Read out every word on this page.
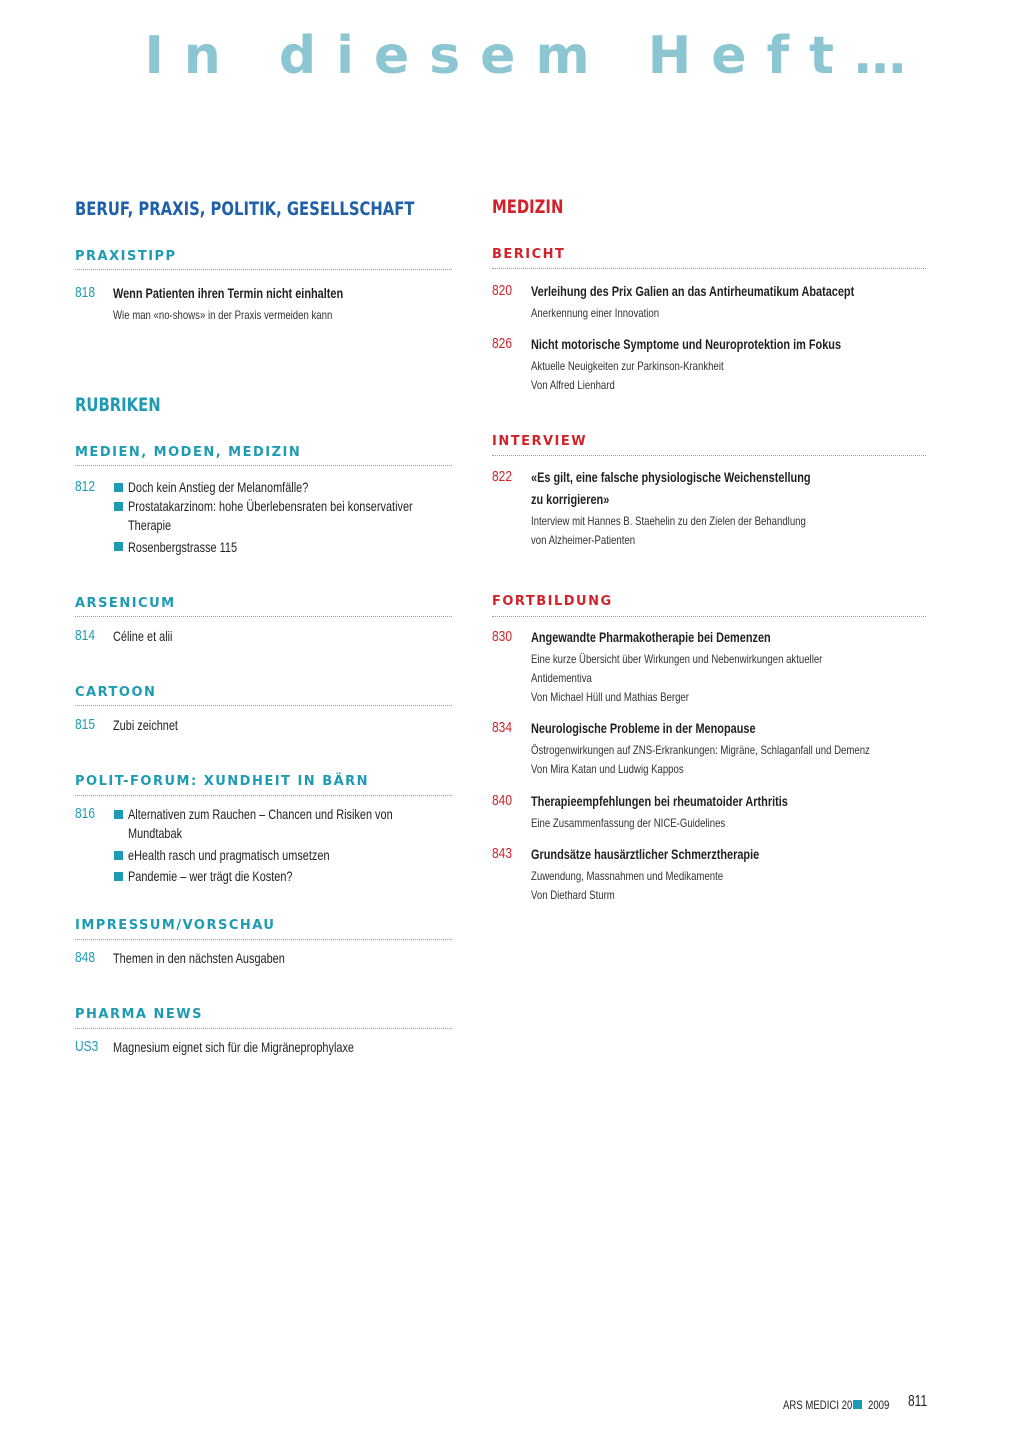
In diesem Heft…
BERUF, PRAXIS, POLITIK, GESELLSCHAFT
PRAXISTIPP
818 Wenn Patienten ihren Termin nicht einhalten
Wie man «no-shows» in der Praxis vermeiden kann
RUBRIKEN
MEDIEN, MODEN, MEDIZIN
812 Doch kein Anstieg der Melanomfälle?
Prostatakarzinom: hohe Überlebensraten bei konservativer
Therapie
Rosenbergstrasse 115
ARSENICUM
814 Céline et alii
CARTOON
815 Zubi zeichnet
POLIT-FORUM: XUNDHEIT IN BÄRN
816 Alternativen zum Rauchen – Chancen und Risiken von
Mundtabak
eHealth rasch und pragmatisch umsetzen
Pandemie – wer trägt die Kosten?
IMPRESSUM/VORSCHAU
848 Themen in den nächsten Ausgaben
PHARMA NEWS
US3 Magnesium eignet sich für die Migräneprophylaxe
MEDIZIN
BERICHT
820 Verleihung des Prix Galien an das Antirheumatikum Abatacept
Anerkennung einer Innovation
826 Nicht motorische Symptome und Neuroprotektion im Fokus
Aktuelle Neuigkeiten zur Parkinson-Krankheit
Von Alfred Lienhard
INTERVIEW
822 «Es gilt, eine falsche physiologische Weichenstellung
zu korrigieren»
Interview mit Hannes B. Staehelin zu den Zielen der Behandlung
von Alzheimer-Patienten
FORTBILDUNG
830 Angewandte Pharmakotherapie bei Demenzen
Eine kurze Übersicht über Wirkungen und Nebenwirkungen aktueller
Antidementiva
Von Michael Hüll und Mathias Berger
834 Neurologische Probleme in der Menopause
Östrogenwirkungen auf ZNS-Erkrankungen: Migräne, Schlaganfall und Demenz
Von Mira Katan und Ludwig Kappos
840 Therapieempfehlungen bei rheumatoider Arthritis
Eine Zusammenfassung der NICE-Guidelines
843 Grundsätze hausärztlicher Schmerztherapie
Zuwendung, Massnahmen und Medikamente
Von Diethard Sturm
ARS MEDICI 20 2009 811
